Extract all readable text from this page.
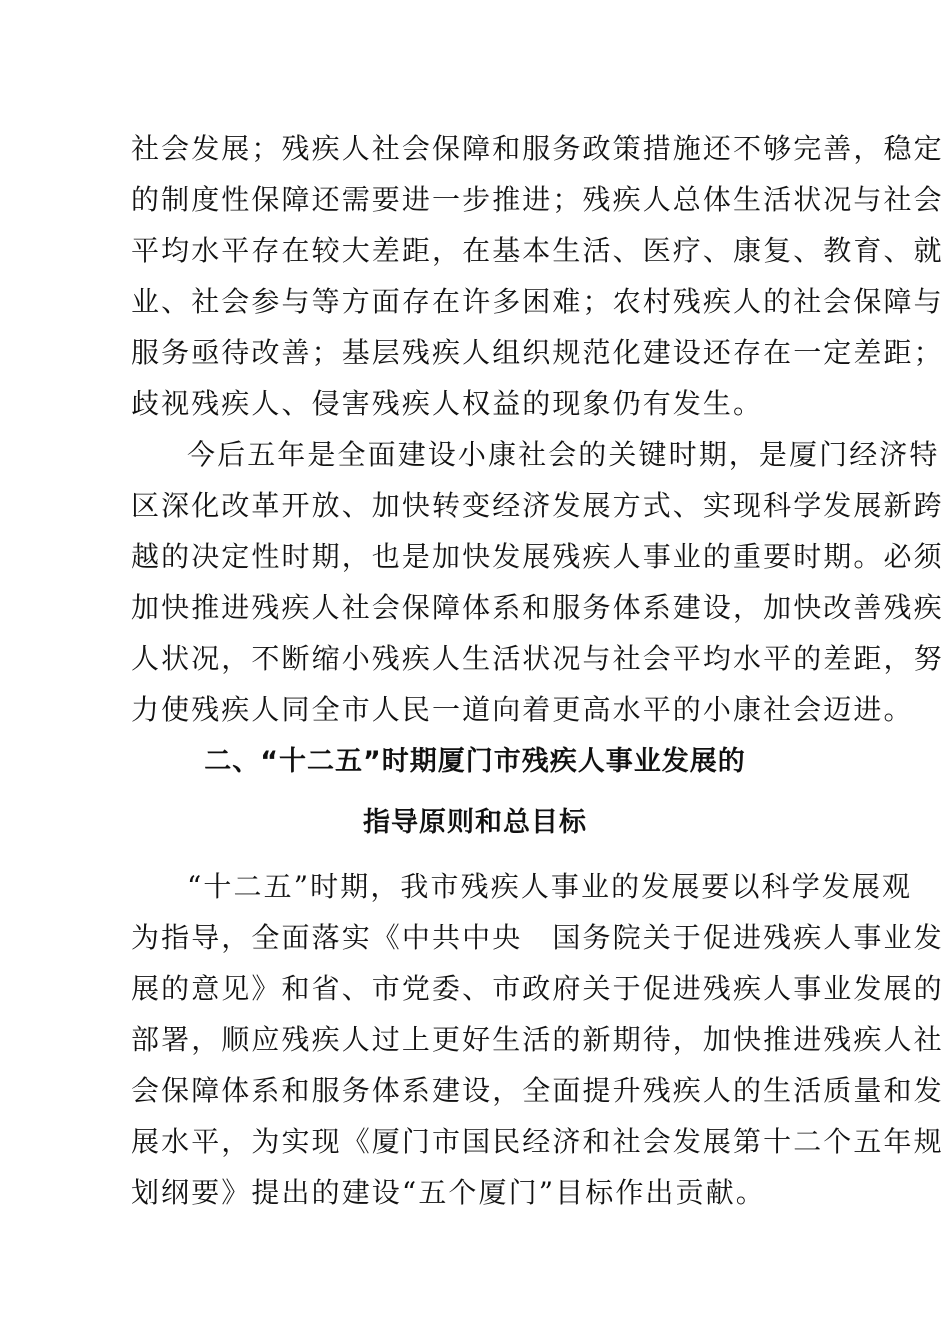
社会发展；残疾人社会保障和服务政策措施还不够完善，稳定
的制度性保障还需要进一步推进；残疾人总体生活状况与社会
平均水平存在较大差距，在基本生活、医疗、康复、教育、就
业、社会参与等方面存在许多困难；农村残疾人的社会保障与
服务亟待改善；基层残疾人组织规范化建设还存在一定差距；
歧视残疾人、侵害残疾人权益的现象仍有发生。
今后五年是全面建设小康社会的关键时期，是厦门经济特
区深化改革开放、加快转变经济发展方式、实现科学发展新跨
越的决定性时期，也是加快发展残疾人事业的重要时期。必须
加快推进残疾人社会保障体系和服务体系建设，加快改善残疾
人状况，不断缩小残疾人生活状况与社会平均水平的差距，努
力使残疾人同全市人民一道向着更高水平的小康社会迈进。
二、“十二五”时期厦门市残疾人事业发展的
指导原则和总目标
“十二五”时期，我市残疾人事业的发展要以科学发展观
为指导，全面落实《中共中央　国务院关于促进残疾人事业发
展的意见》和省、市党委、市政府关于促进残疾人事业发展的
部署，顺应残疾人过上更好生活的新期待，加快推进残疾人社
会保障体系和服务体系建设，全面提升残疾人的生活质量和发
展水平，为实现《厦门市国民经济和社会发展第十二个五年规
划纲要》提出的建设“五个厦门”目标作出贡献。
